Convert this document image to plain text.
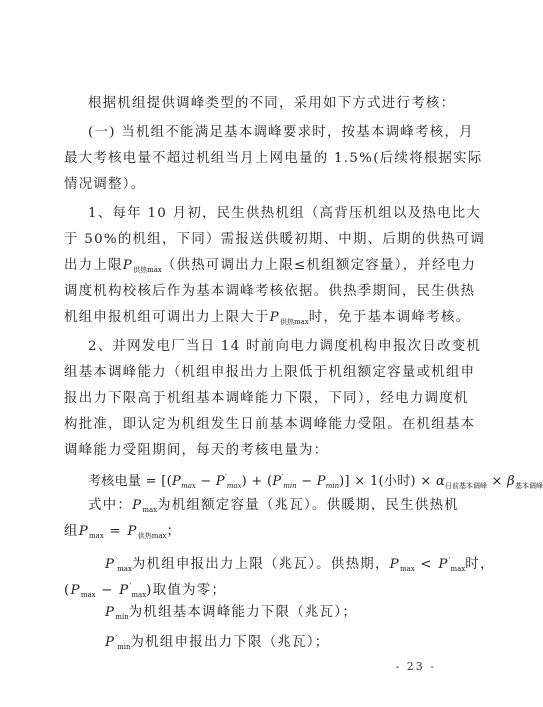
根据机组提供调峰类型的不同，采用如下方式进行考核：
(一) 当机组不能满足基本调峰要求时，按基本调峰考核，月
最大考核电量不超过机组当月上网电量的 1.5%(后续将根据实际
情况调整）。
1、每年 10 月初，民生供热机组（高背压机组以及热电比大
于 50%的机组，下同）需报送供暖初期、中期、后期的供热可调
出力上限$P_{供热max}$（供热可调出力上限≤机组额定容量），并经电力
调度机构校核后作为基本调峰考核依据。供热季期间，民生供热
机组申报机组可调出力上限大于$P_{供热max}$时，免于基本调峰考核。
2、并网发电厂当日 14 时前向电力调度机构申报次日改变机
组基本调峰能力（机组申报出力上限低于机组额定容量或机组申
报出力下限高于机组基本调峰能力下限，下同），经电力调度机
构批准，即认定为机组发生日前基本调峰能力受阻。在机组基本
调峰能力受阻期间，每天的考核电量为：
考核电量 = $[(P_{max} - P'_{max}) + (P'_{min} - P_{min})] \times 1$(小时) × $\alpha_{日前基本调峰} \times \beta_{基本调峰}$
式中：$P_{max}$为机组额定容量（兆瓦）。供暖期，民生供热机
组$P_{max} = P_{供热max}$；
$P'_{max}$为机组申报出力上限（兆瓦）。供热期，$P_{max} < P'_{max}$时，
$(P_{max} - P'_{max})$取值为零；
$P_{min}$为机组基本调峰能力下限（兆瓦）；
$P'_{min}$为机组申报出力下限（兆瓦）；
- 23 -
